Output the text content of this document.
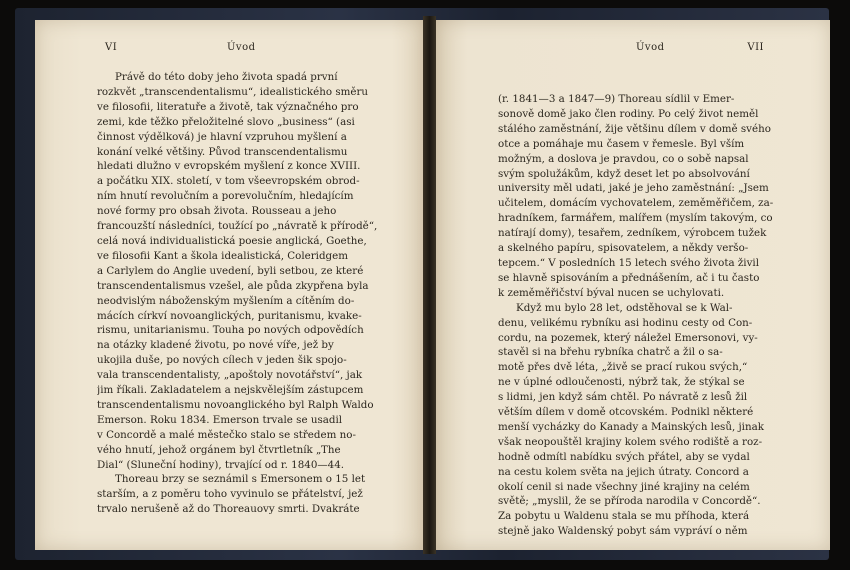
VI	Úvod
Právě do této doby jeho života spadá první
rozkvět „transcendentalismu“, idealistického směru
ve filosofii, literatuře a životě, tak význačného pro
zemi, kde těžko přeložitelné slovo „business“ (asi
činnost výdělková) je hlavní vzpruhou myšlení a
konání velké většiny. Původ transcendentalismu
hledati dlužno v evropském myšlení z konce XVIII.
a počátku XIX. století, v tom všeevropském obrod-
ním hnutí revolučním a porevolučním, hledajícím
nové formy pro obsah života. Rousseau a jeho
francouzští následníci, toužící po „návratě k přírodě“,
celá nová individualistická poesie anglická, Goethe,
ve filosofii Kant a škola idealistická, Coleridgem
a Carlylem do Anglie uvedení, byli setbou, ze které
transcendentalismus vzešel, ale půda zkypřena byla
neodvislým náboženským myšlením a cítěním do-
mácích církví novoanglických, puritanismu, kvake-
rismu, unitarianismu. Touha po nových odpovědích
na otázky kladené životu, po nové víře, jež by
ukojila duše, po nových cílech v jeden šik spojo-
vala transcendentalisty, „apoštoly novotářství“, jak
jim říkali. Zakladatelem a nejskvělejším zástupcem
transcendentalismu novoanglického byl Ralph Waldo
Emerson. Roku 1834. Emerson trvale se usadil
v Concordě a malé městečko stalo se středem no-
vého hnutí, jehož orgánem byl čtvrtletník „The
Dial“ (Sluneční hodiny), trvající od r. 1840—44.
Thoreau brzy se seznámil s Emersonem o 15 let
starším, a z poměru toho vyvinulo se přátelství, jež
trvalo nerušeně až do Thoreauovy smrti. Dvakráte
Úvod	VII
(r. 1841—3 a 1847—9) Thoreau sídlil v Emer-
sonově domě jako člen rodiny. Po celý život neměl
stálého zaměstnání, žije většinu dílem v domě svého
otce a pomáhaje mu časem v řemesle. Byl vším
možným, a doslova je pravdou, co o sobě napsal
svým spolužákům, když deset let po absolvování
university měl udati, jaké je jeho zaměstnání: „Jsem
učitelem, domácím vychovatelem, zeměměřičem, za-
hradníkem, farmářem, malířem (myslím takovým, co
natírají domy), tesařem, zedníkem, výrobcem tužek
a skelného papíru, spisovatelem, a někdy veršo-
tepcem.“ V posledních 15 letech svého života živil
se hlavně spisováním a přednášením, ač i tu často
k zeměměřičství býval nucen se uchylovati.
Když mu bylo 28 let, odstěhoval se k Wal-
denu, velikému rybníku asi hodinu cesty od Con-
cordu, na pozemek, který náležel Emersonovi, vy-
stavěl si na břehu rybníka chatrč a žil o sa-
motě přes dvě léta, „živě se prací rukou svých,“
ne v úplné odloučenosti, nýbrž tak, že stýkal se
s lidmi, jen když sám chtěl. Po návratě z lesů žil
větším dílem v domě otcovském. Podnikl některé
menší vycházky do Kanady a Mainských lesů, jinak
však neopouštěl krajiny kolem svého rodiště a roz-
hodně odmítl nabídku svých přátel, aby se vydal
na cestu kolem světa na jejich útraty. Concord a
okolí cenil si nade všechny jiné krajiny na celém
světě; „myslil, že se příroda narodila v Concordě“.
Za pobytu u Waldenu stala se mu příhoda, která
stejně jako Waldenský pobyt sám vypráví o něm
